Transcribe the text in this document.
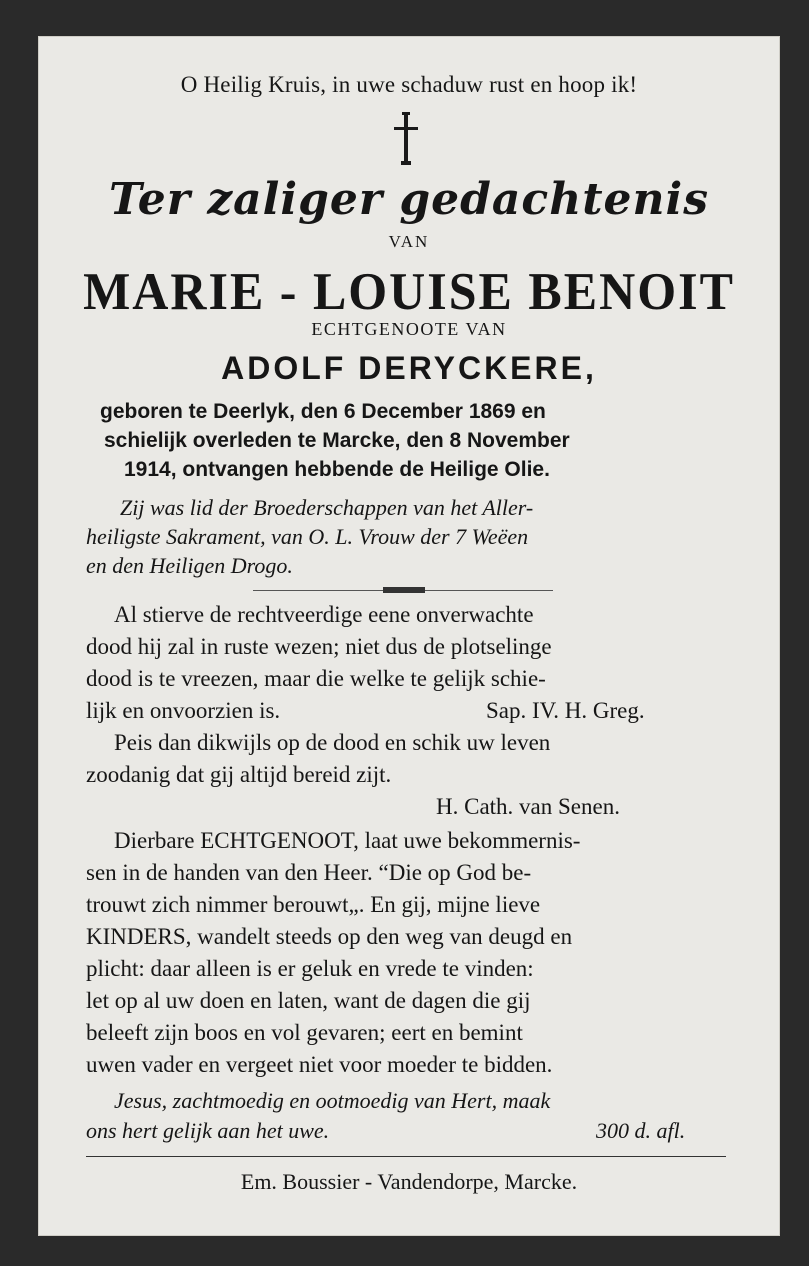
O Heilig Kruis, in uwe schaduw rust en hoop ik!
Ter zaliger gedachtenis
VAN
MARIE - LOUISE BENOIT
ECHTGENOOTE VAN
ADOLF DERYCKERE,
geboren te Deerlyk, den 6 December 1869 en
schielijk overleden te Marcke, den 8 November
1914, ontvangen hebbende de Heilige Olie.
Zij was lid der Broederschappen van het Aller-
heiligste Sakrament, van O. L. Vrouw der 7 Weëen
en den Heiligen Drogo.
Al stierve de rechtveerdige eene onverwachte
dood hij zal in ruste wezen; niet dus de plotselinge
dood is te vreezen, maar die welke te gelijk schie-
lijk en onvoorzien is.	Sap. IV. H. Greg.
Peis dan dikwijls op de dood en schik uw leven
zoodanig dat gij altijd bereid zijt.
H. Cath. van Senen.
Dierbare ECHTGENOOT, laat uwe bekommernis-
sen in de handen van den Heer. “Die op God be-
trouwt zich nimmer berouwt„. En gij, mijne lieve
KINDERS, wandelt steeds op den weg van deugd en
plicht: daar alleen is er geluk en vrede te vinden:
let op al uw doen en laten, want de dagen die gij
beleeft zijn boos en vol gevaren; eert en bemint
uwen vader en vergeet niet voor moeder te bidden.
Jesus, zachtmoedig en ootmoedig van Hert, maak
ons hert gelijk aan het uwe.	300 d. afl.
Em. Boussier - Vandendorpe, Marcke.
